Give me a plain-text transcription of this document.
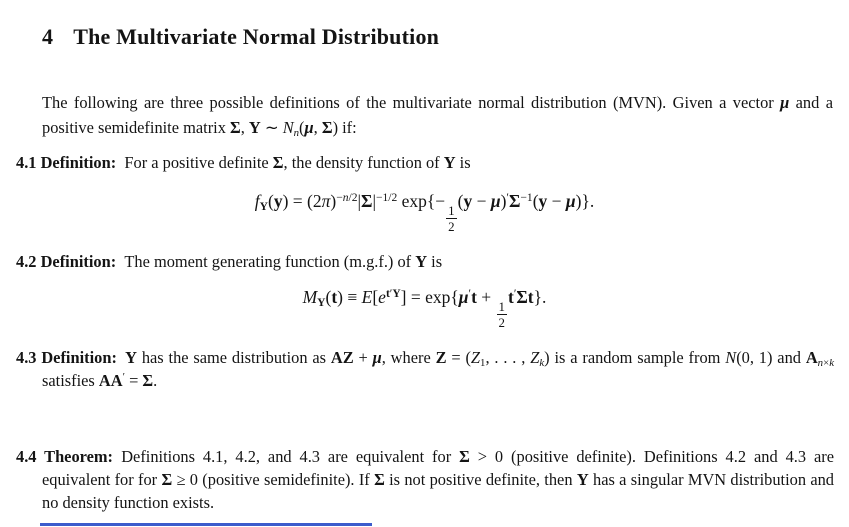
4 The Multivariate Normal Distribution

The following are three possible definitions of the multivariate normal distribution (MVN). Given a vector μ and a positive semidefinite matrix Σ, Y ∼ Nn(μ, Σ) if:

4.1 Definition: For a positive definite Σ, the density function of Y is
$fY(y) = (2\pi)^{-n/2}|\Sigma|^{-1/2}$ exp{−
$\frac{1}{2}$
$(y - \mu)'\Sigma^{-1}(y - \mu)$}.
4.2 Definition: The moment generating function (m.g.f.) of Y is
$MY(t) \equiv E[e^{t'Y}] = \exp\{\mu't$ +
$\frac{1}{2}$
t′Σt}.
4.3 Definition:  Y has the same distribution as AZ + μ, where Z = (Z1, . . . , Zk) is a random sample from N(0, 1) and An×k satisfies AA′ = Σ.
4.4 Theorem: Definitions 4.1, 4.2, and 4.3 are equivalent for Σ > 0 (positive definite). Definitions 4.2 and 4.3 are equivalent for for Σ ≥ 0 (positive semidefinite). If Σ is not positive definite, then Y has a singular MVN distribution and no density function exists.
